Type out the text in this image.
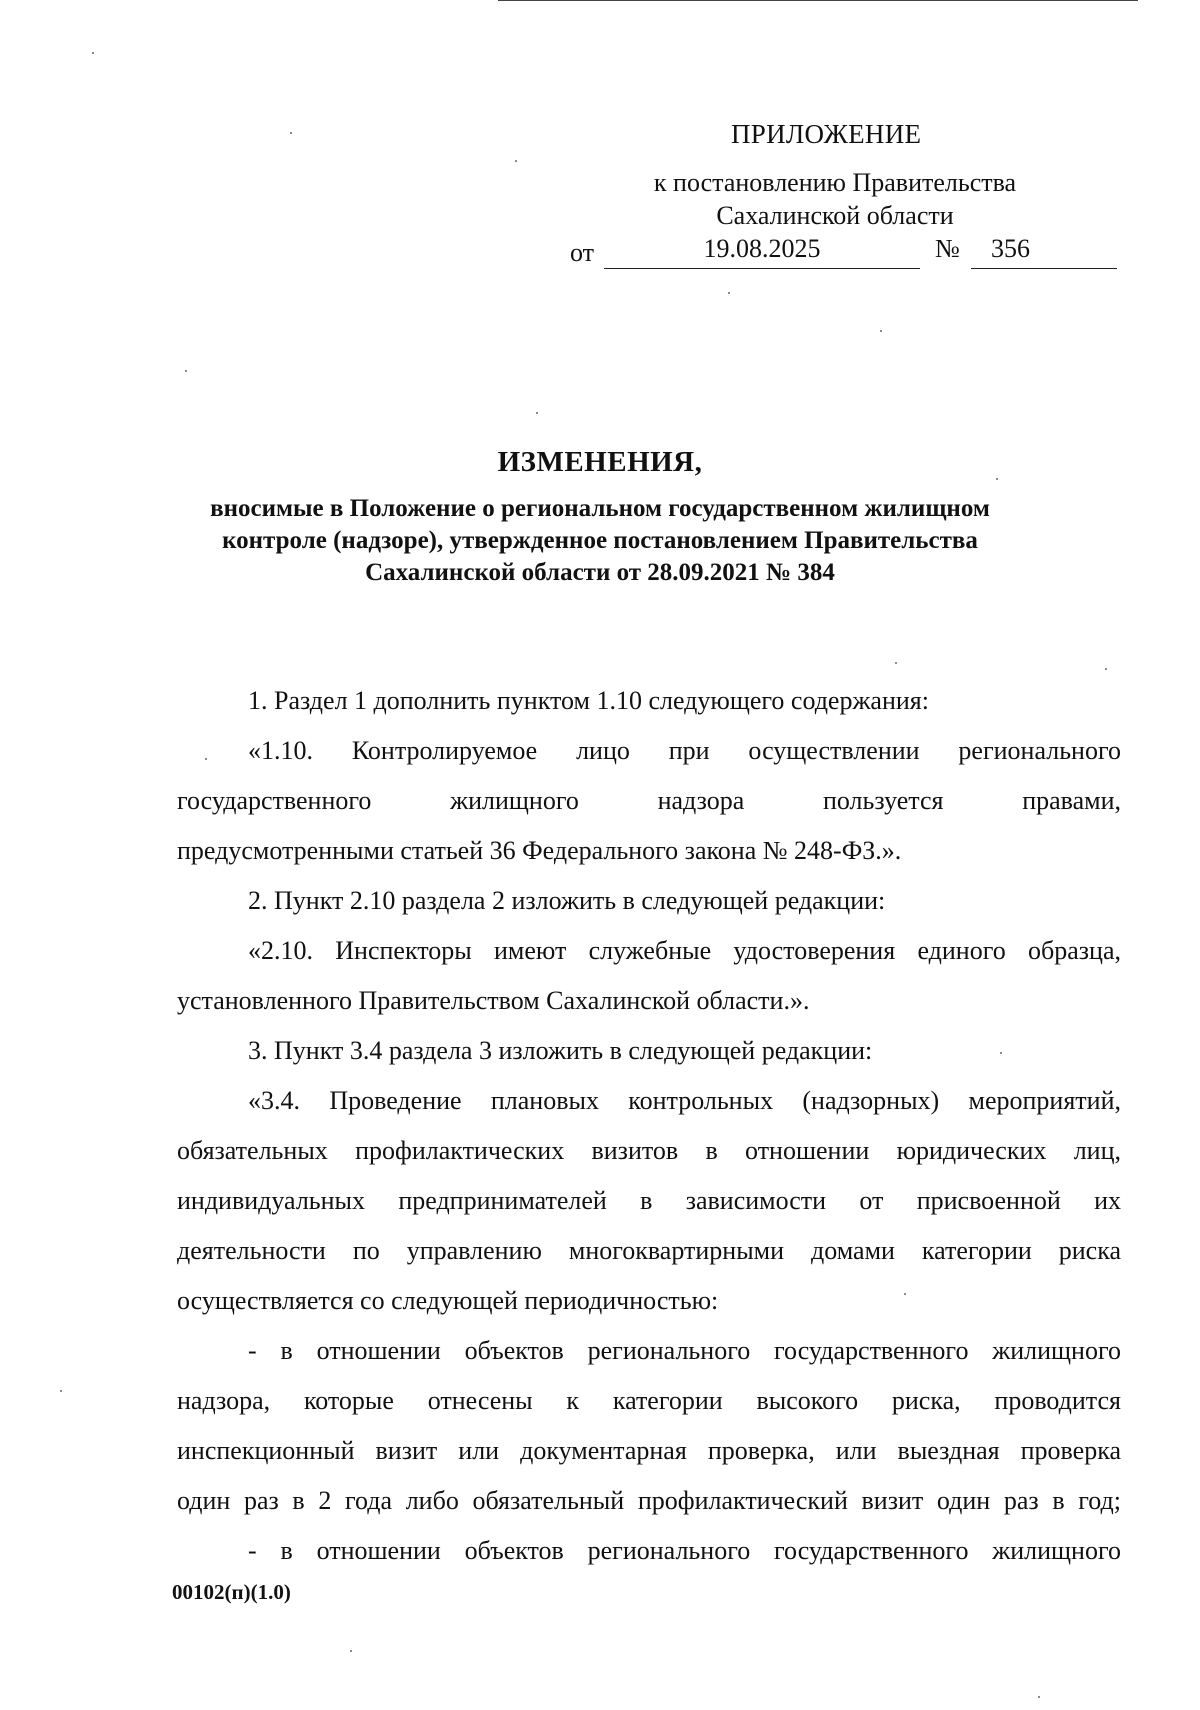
ПРИЛОЖЕНИЕ
к постановлению Правительства
Сахалинской области
от	19.08.2025	№ 356
ИЗМЕНЕНИЯ,
вносимые в Положение о региональном государственном жилищном
контроле (надзоре), утвержденное постановлением Правительства
Сахалинской области от 28.09.2021 № 384
1. Раздел 1 дополнить пунктом 1.10 следующего содержания:
«1.10. Контролируемое лицо при осуществлении регионального
государственного жилищного надзора пользуется правами,
предусмотренными статьей 36 Федерального закона № 248-ФЗ.».
2. Пункт 2.10 раздела 2 изложить в следующей редакции:
«2.10. Инспекторы имеют служебные удостоверения единого образца,
установленного Правительством Сахалинской области.».
3. Пункт 3.4 раздела 3 изложить в следующей редакции:
«3.4. Проведение плановых контрольных (надзорных) мероприятий,
обязательных профилактических визитов в отношении юридических лиц,
индивидуальных предпринимателей в зависимости от присвоенной их
деятельности по управлению многоквартирными домами категории риска
осуществляется со следующей периодичностью:
- в отношении объектов регионального государственного жилищного
надзора, которые отнесены к категории высокого риска, проводится
инспекционный визит или документарная проверка, или выездная проверка
один раз в 2 года либо обязательный профилактический визит один раз в год;
- в отношении объектов регионального государственного жилищного
00102(п)(1.0)
